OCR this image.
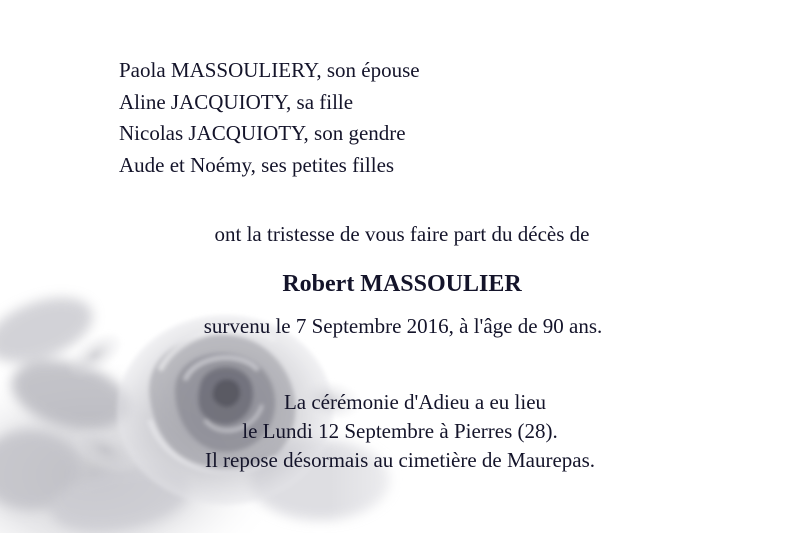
Paola MASSOULIERY, son épouse
Aline JACQUIOTY, sa fille
Nicolas JACQUIOTY, son gendre
Aude et Noémy, ses petites filles
ont la tristesse de vous faire part du décès de
Robert MASSOULIER
survenu le 7 Septembre 2016, à l'âge de 90 ans.
La cérémonie d'Adieu a eu lieu
le Lundi 12 Septembre à Pierres (28).
Il repose désormais au cimetière de Maurepas.
